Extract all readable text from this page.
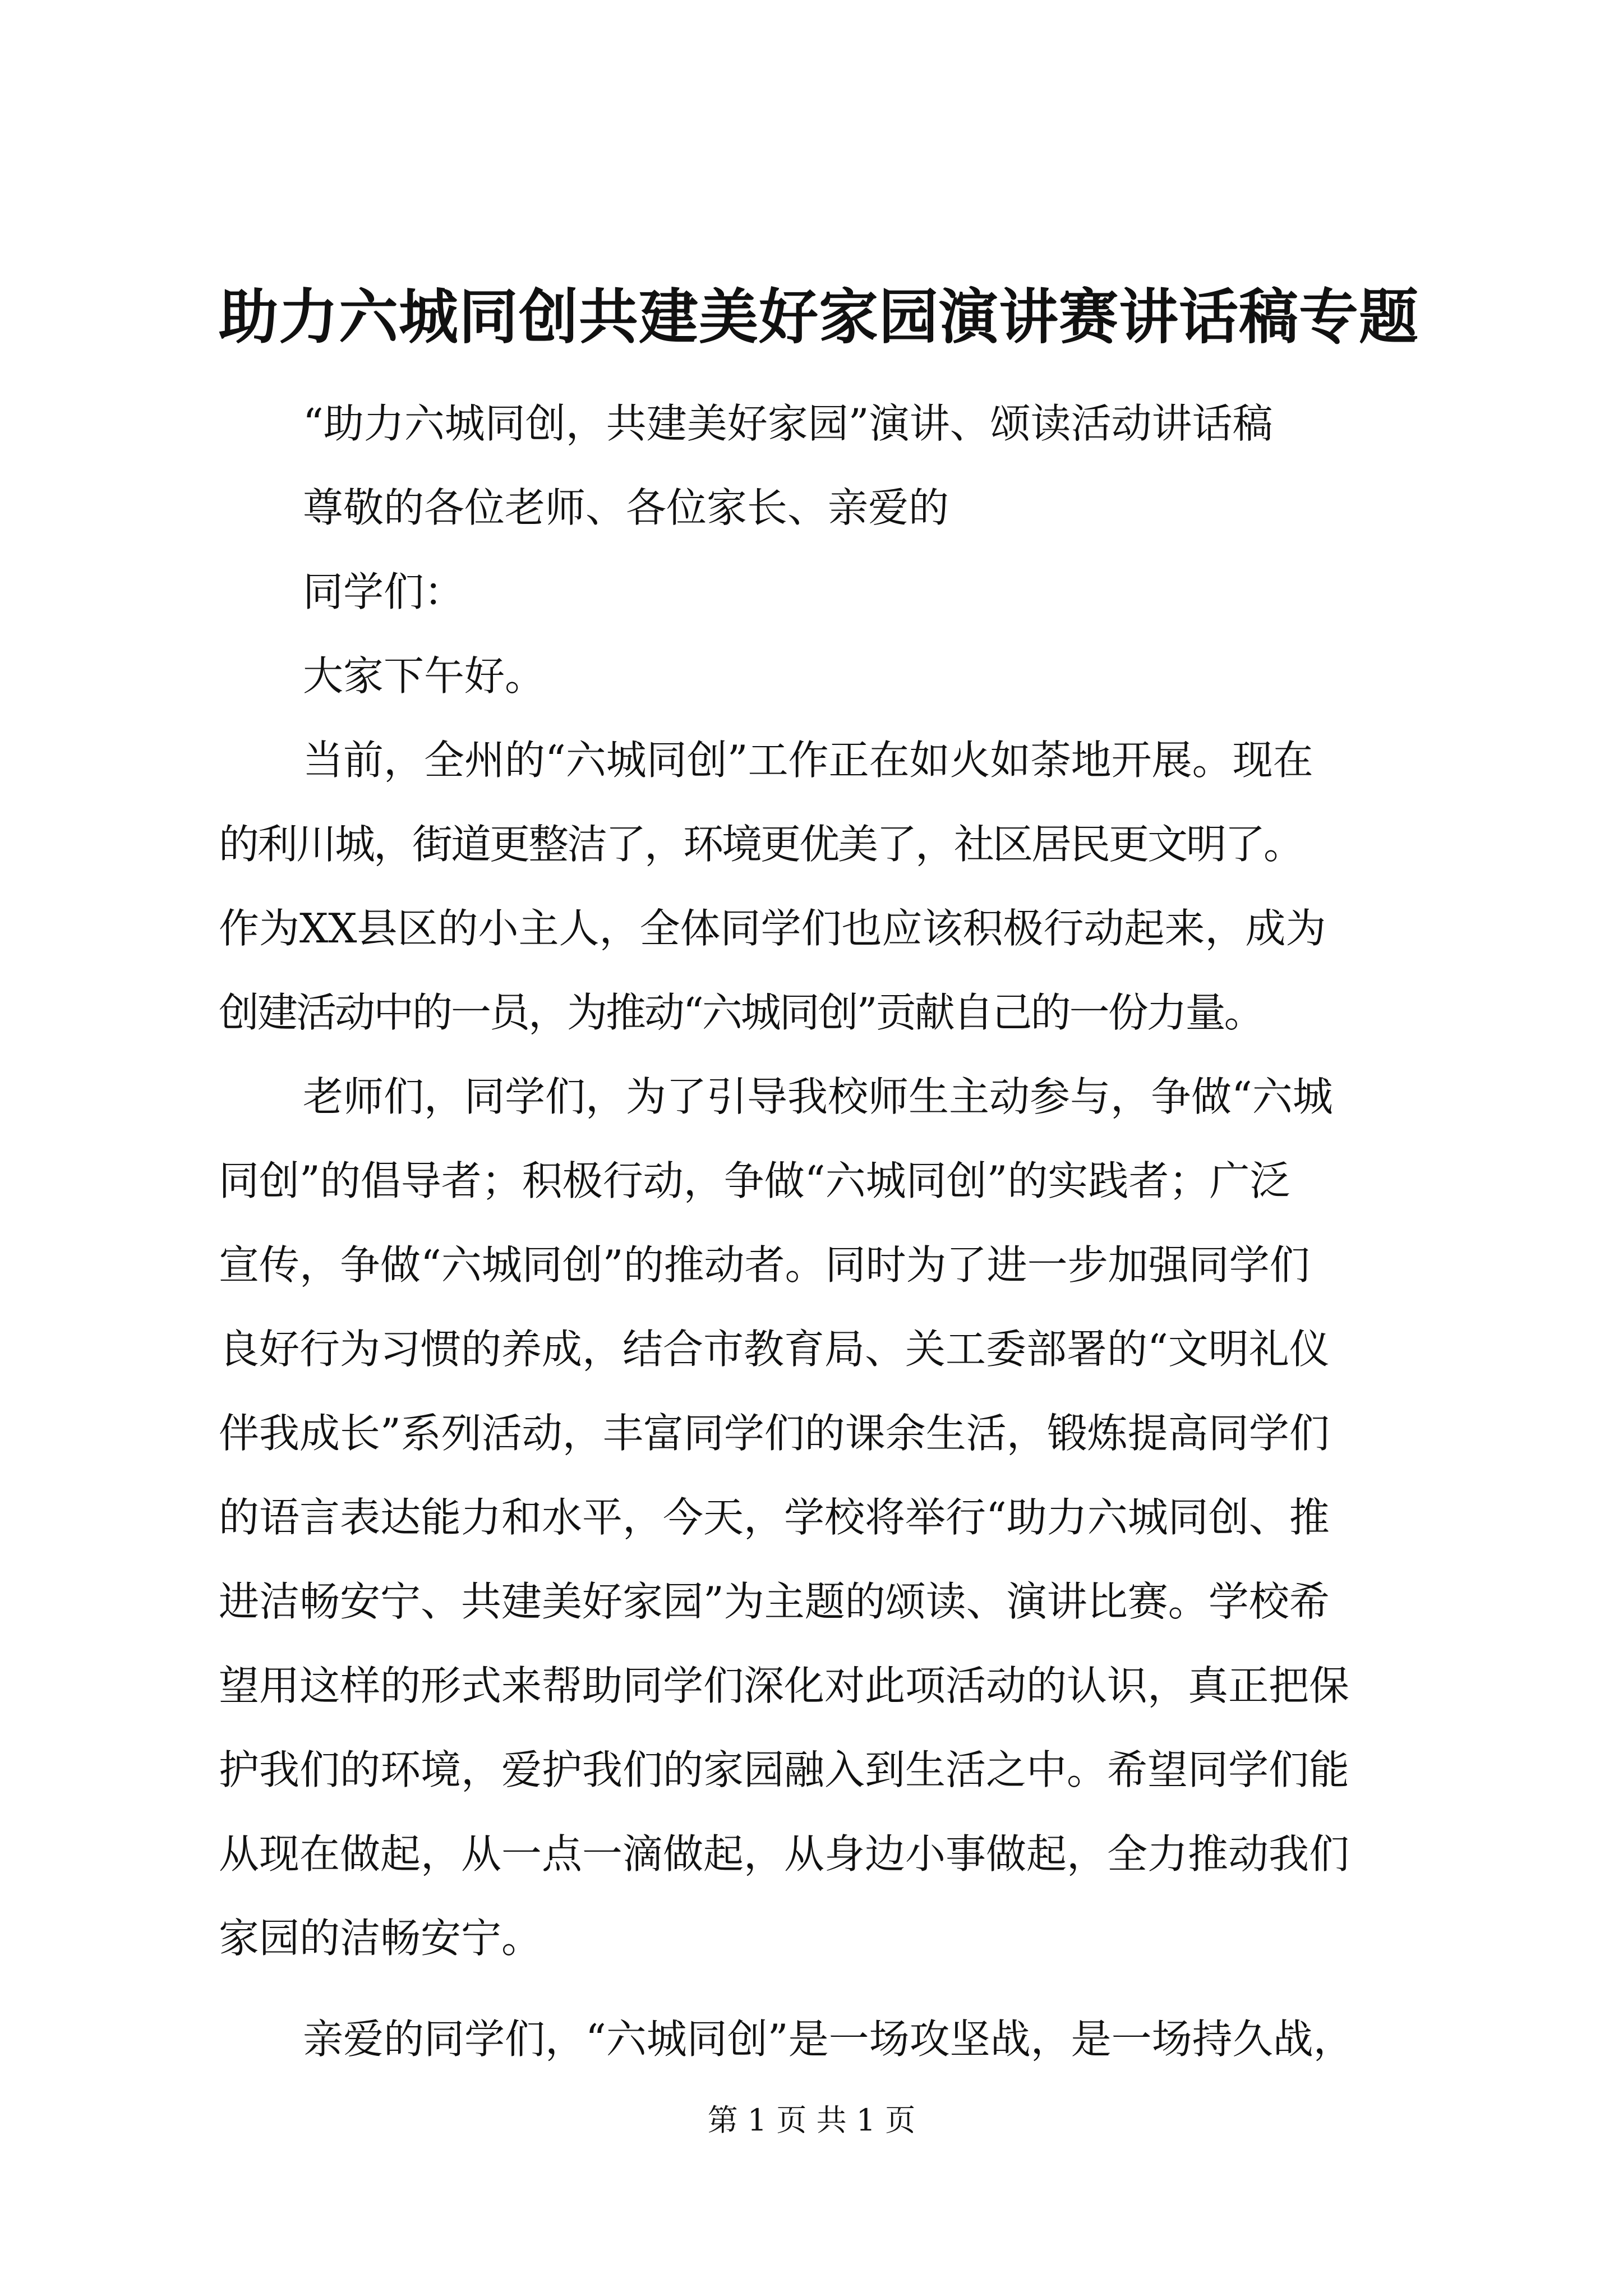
助力六城同创共建美好家园演讲赛讲话稿专题

“助力六城同创，共建美好家园”演讲、颂读活动讲话稿

尊敬的各位老师、各位家长、亲爱的

同学们：

大家下午好。

当前，全州的“六城同创”工作正在如火如荼地开展。现在

的利川城，街道更整洁了，环境更优美了，社区居民更文明了。

作为XX县区的小主人，全体同学们也应该积极行动起来，成为

创建活动中的一员，为推动“六城同创”贡献自己的一份力量。

老师们，同学们，为了引导我校师生主动参与，争做“六城

同创”的倡导者；积极行动，争做“六城同创”的实践者；广泛

宣传，争做“六城同创”的推动者。同时为了进一步加强同学们

良好行为习惯的养成，结合市教育局、关工委部署的“文明礼仪

伴我成长”系列活动，丰富同学们的课余生活，锻炼提高同学们

的语言表达能力和水平，今天，学校将举行“助力六城同创、推

进洁畅安宁、共建美好家园”为主题的颂读、演讲比赛。学校希

望用这样的形式来帮助同学们深化对此项活动的认识，真正把保

护我们的环境，爱护我们的家园融入到生活之中。希望同学们能

从现在做起，从一点一滴做起，从身边小事做起，全力推动我们

家园的洁畅安宁。

亲爱的同学们，“六城同创”是一场攻坚战，是一场持久战，

第 1 页 共 1 页
